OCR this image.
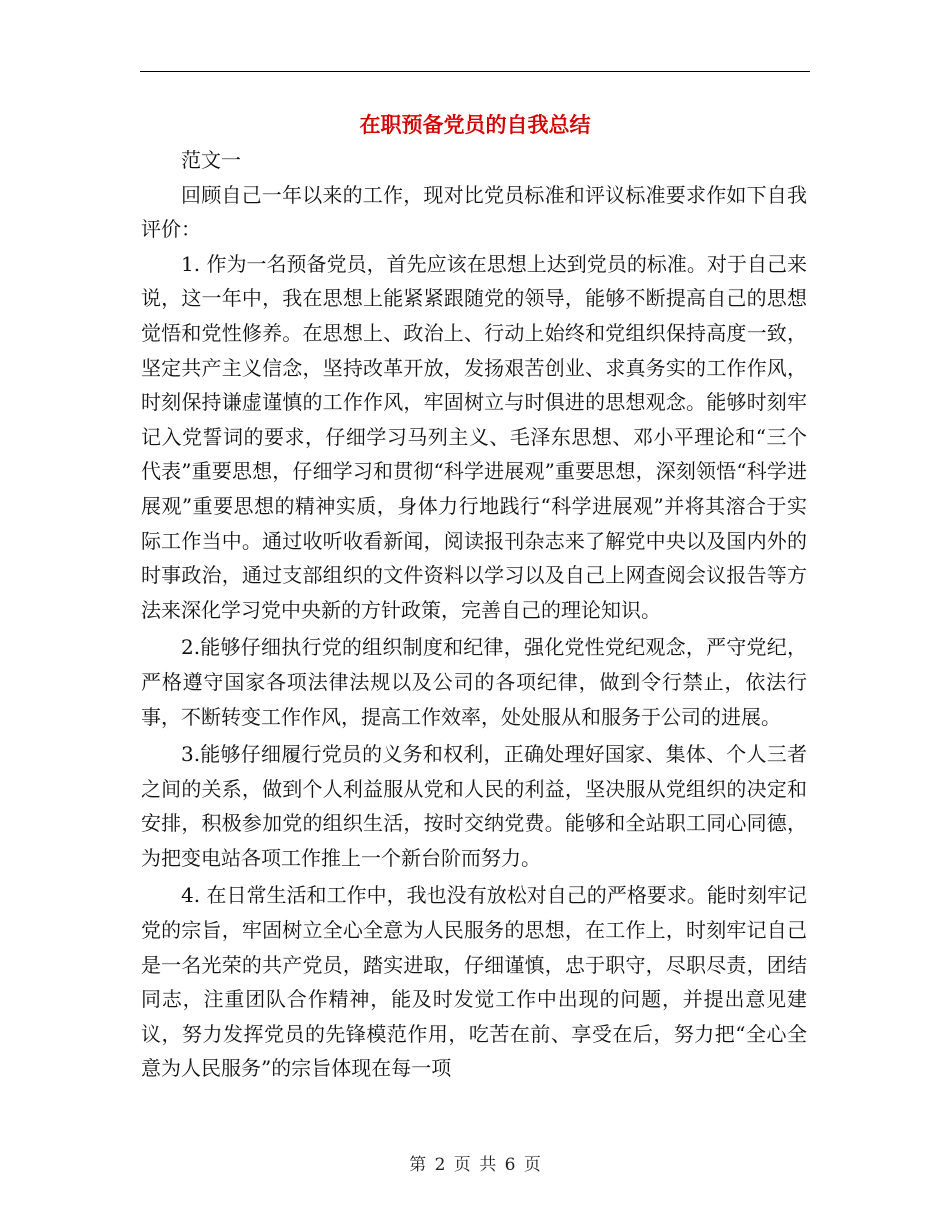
在职预备党员的自我总结

范文一

回顾自己一年以来的工作，现对比党员标准和评议标准要求作如下自我评价：

1. 作为一名预备党员，首先应该在思想上达到党员的标准。对于自己来说，这一年中，我在思想上能紧紧跟随党的领导，能够不断提高自己的思想觉悟和党性修养。在思想上、政治上、行动上始终和党组织保持高度一致，坚定共产主义信念，坚持改革开放，发扬艰苦创业、求真务实的工作作风，时刻保持谦虚谨慎的工作作风，牢固树立与时俱进的思想观念。能够时刻牢记入党誓词的要求，仔细学习马列主义、毛泽东思想、邓小平理论和“三个代表”重要思想，仔细学习和贯彻“科学进展观”重要思想，深刻领悟“科学进展观”重要思想的精神实质，身体力行地践行“科学进展观”并将其溶合于实际工作当中。通过收听收看新闻，阅读报刊杂志来了解党中央以及国内外的时事政治，通过支部组织的文件资料以学习以及自己上网查阅会议报告等方法来深化学习党中央新的方针政策，完善自己的理论知识。

2.能够仔细执行党的组织制度和纪律，强化党性党纪观念，严守党纪，严格遵守国家各项法律法规以及公司的各项纪律，做到令行禁止，依法行事，不断转变工作作风，提高工作效率，处处服从和服务于公司的进展。

3.能够仔细履行党员的义务和权利，正确处理好国家、集体、个人三者之间的关系，做到个人利益服从党和人民的利益，坚决服从党组织的决定和安排，积极参加党的组织生活，按时交纳党费。能够和全站职工同心同德，为把变电站各项工作推上一个新台阶而努力。

4. 在日常生活和工作中，我也没有放松对自己的严格要求。能时刻牢记党的宗旨，牢固树立全心全意为人民服务的思想，在工作上，时刻牢记自己是一名光荣的共产党员，踏实进取，仔细谨慎，忠于职守，尽职尽责，团结同志，注重团队合作精神，能及时发觉工作中出现的问题，并提出意见建议，努力发挥党员的先锋模范作用，吃苦在前、享受在后，努力把“全心全意为人民服务”的宗旨体现在每一项

第 2 页 共 6 页
